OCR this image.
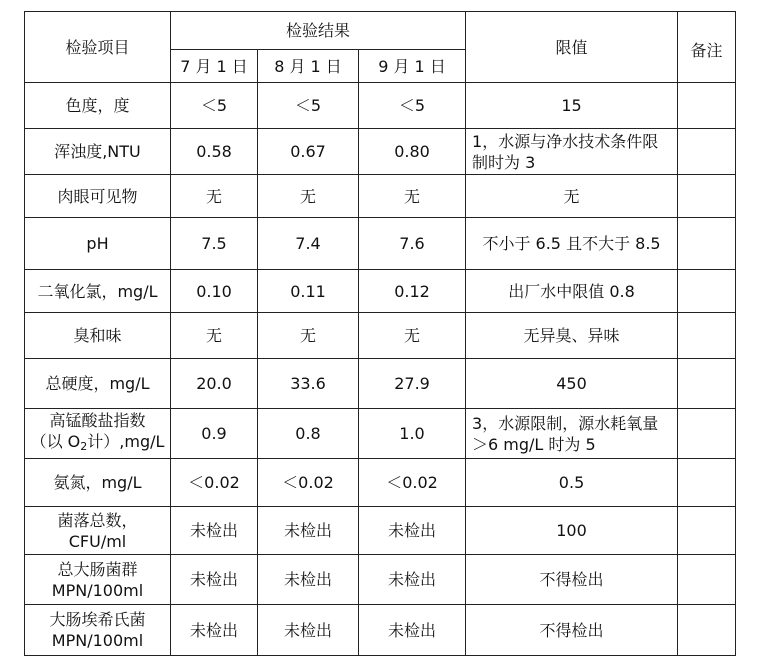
检验项目	检验结果			限值	备注
	7 月 1 日	8 月 1 日	9 月 1 日		
色度，度	＜5	＜5	＜5	15	
浑浊度,NTU	0.58	0.67	0.80	1，水源与净水技术条件限制时为 3	
肉眼可见物	无	无	无	无	
pH	7.5	7.4	7.6	不小于 6.5 且不大于 8.5	
二氧化氯，mg/L	0.10	0.11	0.12	出厂水中限值 0.8	
臭和味	无	无	无	无异臭、异味	
总硬度，mg/L	20.0	33.6	27.9	450	

高锰酸盐指数
（以 $O_2$计）,mg/L	0.9	0.8	1.0	3，水源限制，源水耗氧量＞6 mg/L 时为 5	
氨氮，mg/L	＜0.02	＜0.02	＜0.02	0.5	

菌落总数，
CFU/ml	未检出	未检出	未检出	100	

总大肠菌群
MPN/100ml	未检出	未检出	未检出	不得检出	

大肠埃希氏菌
MPN/100ml	未检出	未检出	未检出	不得检出	
